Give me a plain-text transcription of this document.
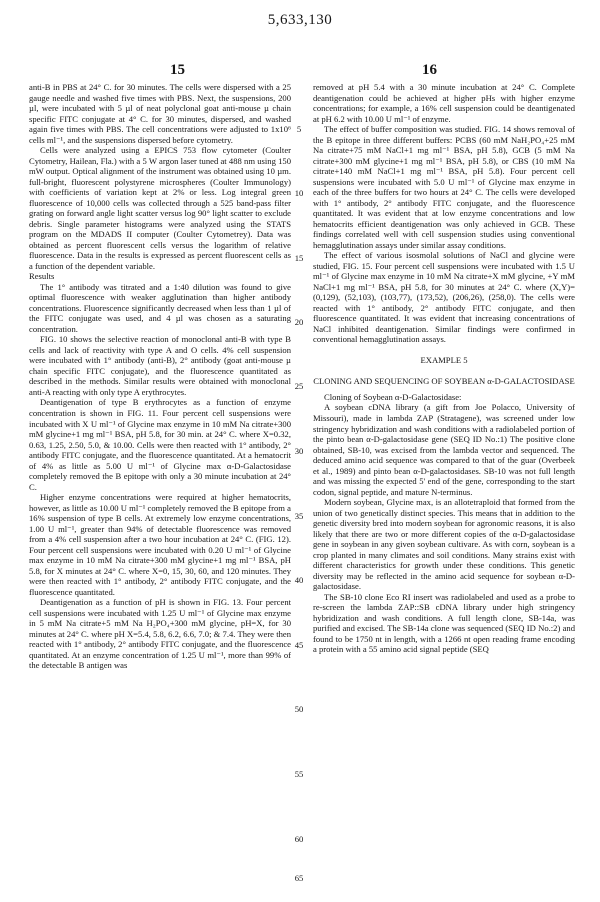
5,633,130
15	16

anti-B in PBS at 24° C. for 30 minutes. The cells were dispersed with a 25 gauge needle and washed five times with PBS. Next, the suspensions, 200 µl, were incubated with 5 µl of neat polyclonal goat anti-mouse µ chain specific FITC conjugate at 4° C. for 30 minutes, dispersed, and washed again five times with PBS. The cell concentrations were adjusted to 1x10⁶ cells ml⁻¹, and the suspensions dispersed before cytometry.

Cells were analyzed using a EPICS 753 flow cytometer (Coulter Cytometry, Hailean, Fla.) with a 5 W argon laser tuned at 488 nm using 150 mW output. Optical alignment of the instrument was obtained using 10 µm. full-bright, fluorescent polystyrene microspheres (Coulter Immunology) with coefficients of variation kept at 2% or less. Log integral green fluorescence of 10,000 cells was collected through a 525 band-pass filter grating on forward angle light scatter versus log 90° light scatter to exclude debris. Single parameter histograms were analyzed using the STATS program on the MDADS II computer (Coulter Cytometrey). Data was obtained as percent fluorescent cells versus the logarithm of relative fluorescence. Data in the results is expressed as percent fluorescent cells as a function of the dependent variable.

Results

The 1° antibody was titrated and a 1:40 dilution was found to give optimal fluorescence with weaker agglutination than higher antibody concentrations. Fluorescence significantly decreased when less than 1 µl of the FITC conjugate was used, and 4 µl was chosen as a saturating concentration.

FIG. 10 shows the selective reaction of monoclonal anti-B with type B cells and lack of reactivity with type A and O cells. 4% cell suspension were incubated with 1° antibody (anti-B), 2° antibody (goat anti-mouse µ chain specific FITC conjugate), and the fluorescence quantitated as described in the methods. Similar results were obtained with monoclonal anti-A reacting with only type A erythrocytes.

Deantigenation of type B erythrocytes as a function of enzyme concentration is shown in FIG. 11. Four percent cell suspensions were incubated with X U ml⁻¹ of Glycine max enzyme in 10 mM Na citrate+300 mM glycine+1 mg ml⁻¹ BSA, pH 5.8, for 30 min. at 24° C. where X=0.32, 0.63, 1.25, 2.50, 5.0, & 10.00. Cells were then reacted with 1° antibody, 2° antibody FITC conjugate, and the fluorescence quantitated. At a hematocrit of 4% as little as 5.00 U ml⁻¹ of Glycine max α-D-Galactosidase completely removed the B epitope with only a 30 minute incubation at 24° C.

Higher enzyme concentrations were required at higher hematocrits, however, as little as 10.00 U ml⁻¹ completely removed the B epitope from a 16% suspension of type B cells. At extremely low enzyme concentrations, 1.00 U ml⁻¹, greater than 94% of detectable fluorescence was removed from a 4% cell suspension after a two hour incubation at 24° C. (FIG. 12). Four percent cell suspensions were incubated with 0.20 U ml⁻¹ of Glycine max enzyme in 10 mM Na citrate+300 mM glycine+1 mg ml⁻¹ BSA, pH 5.8, for X minutes at 24° C. where X=0, 15, 30, 60, and 120 minutes. They were then reacted with 1° antibody, 2° antibody FITC conjugate, and the fluorescence quantitated.

Deantigenation as a function of pH is shown in FIG. 13. Four percent cell suspensions were incubated with 1.25 U ml⁻¹ of Glycine max enzyme in 5 mM Na citrate+5 mM Na H₂PO₄+300 mM glycine, pH=X, for 30 minutes at 24° C. where pH X=5.4, 5.8, 6.2, 6.6, 7.0; & 7.4. They were then reacted with 1° antibody, 2° antibody FITC conjugate, and the fluorescence quantitated. At an enzyme concentration of 1.25 U ml⁻¹, more than 99% of the detectable B antigen was

removed at pH 5.4 with a 30 minute incubation at 24° C. Complete deantigenation could be achieved at higher pHs with higher enzyme concentrations; for example, a 16% cell suspension could be deantigenated at pH 6.2 with 10.00 U ml⁻¹ of enzyme.

The effect of buffer composition was studied. FIG. 14 shows removal of the B epitope in three different buffers: PCBS (60 mM NaH₂PO₄+25 mM Na citrate+75 mM NaCl+1 mg ml⁻¹ BSA, pH 5.8), GCB (5 mM Na citrate+300 mM glycine+1 mg ml⁻¹ BSA, pH 5.8), or CBS (10 mM Na citrate+140 mM NaCl+1 mg ml⁻¹ BSA, pH 5.8). Four percent cell suspensions were incubated with 5.0 U ml⁻¹ of Glycine max enzyme in each of the three buffers for two hours at 24° C. The cells were developed with 1° antibody, 2° antibody FITC conjugate, and the fluorescence quantitated. It was evident that at low enzyme concentrations and low hematocrits efficient deantigenation was only achieved in GCB. These findings correlated well with cell suspension studies using conventional hemagglutination assays under similar assay conditions.

The effect of various isosmolal solutions of NaCl and glycine were studied, FIG. 15. Four percent cell suspensions were incubated with 1.5 U ml⁻¹ of Glycine max enzyme in 10 mM Na citrate+X mM glycine, +Y mM NaCl+1 mg ml⁻¹ BSA, pH 5.8, for 30 minutes at 24° C. where (X,Y)=(0,129), (52,103), (103,77), (173,52), (206,26), (258,0). The cells were reacted with 1° antibody, 2° antibody FITC conjugate, and then fluorescence quantitated. It was evident that increasing concentrations of NaCl inhibited deantigenation. Similar findings were confirmed in conventional hemagglutination assays.

EXAMPLE 5

CLONING AND SEQUENCING OF SOYBEAN α-D-GALACTOSIDASE

Cloning of Soybean α-D-Galactosidase:

A soybean cDNA library (a gift from Joe Polacco, University of Missouri), made in lambda ZAP (Stratagene), was screened under low stringency hybridization and wash conditions with a radiolabeled portion of the pinto bean α-D-galactosidase gene (SEQ ID No.:1) The positive clone obtained, SB-10, was excised from the lambda vector and sequenced. The deduced amino acid sequence was compared to that of the guar (Overbeek et al., 1989) and pinto bean α-D-galactosidases. SB-10 was not full length and was missing the expected 5' end of the gene, corresponding to the start codon, signal peptide, and mature N-terminus.

Modern soybean, Glycine max, is an allotetraploid that formed from the union of two genetically distinct species. This means that in addition to the genetic diversity bred into modern soybean for agronomic reasons, it is also likely that there are two or more different copies of the α-D-galactosidase gene in soybean in any given soybean cultivare. As with corn, soybean is a crop planted in many climates and soil conditions. Many strains exist with different characteristics for growth under these conditions. This genetic diversity may be reflected in the amino acid sequence for soybean α-D-galactosidase.

The SB-10 clone Eco RI insert was radiolabeled and used as a probe to re-screen the lambda ZAP::SB cDNA library under high stringency hybridization and wash conditions. A full length clone, SB-14a, was purified and excised. The SB-14a clone was sequenced (SEQ ID No.:2) and found to be 1750 nt in length, with a 1266 nt open reading frame encoding a protein with a 55 amino acid signal peptide (SEQ

5
10
15
20
25
30
35
40
45
50
55
60
65
